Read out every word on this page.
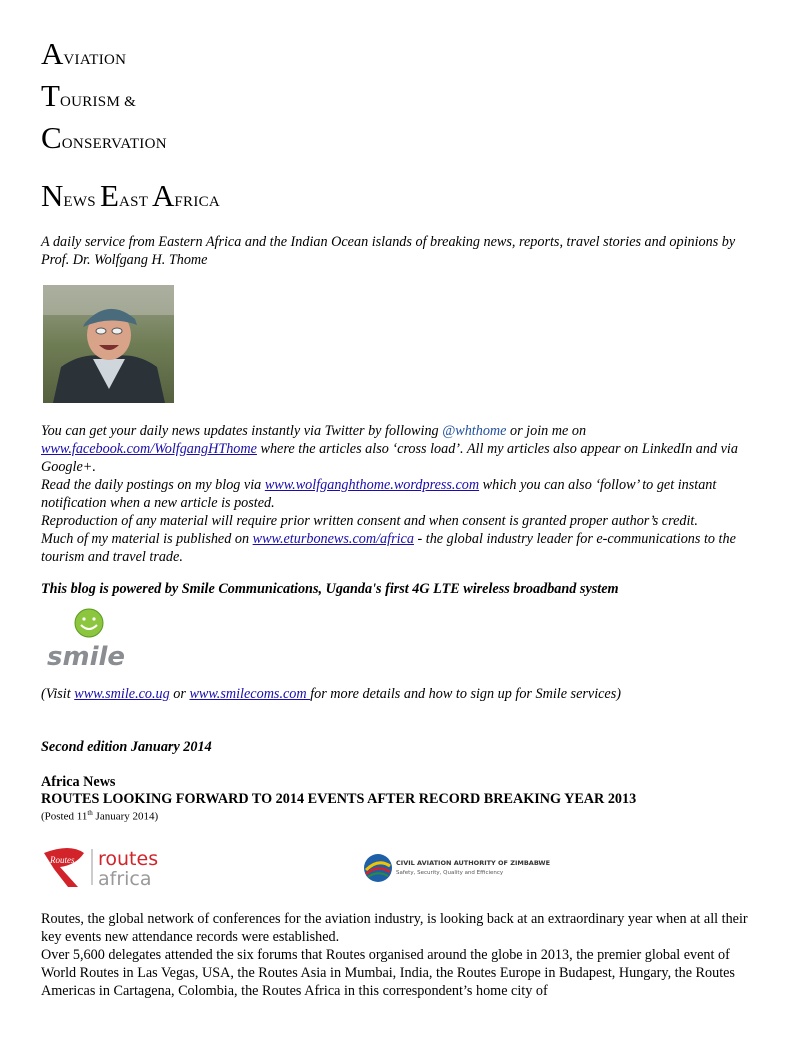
AVIATION
TOURISM &
CONSERVATION
NEWS EAST AFRICA

A daily service from Eastern Africa and the Indian Ocean islands of breaking news, reports, travel stories and opinions by Prof. Dr. Wolfgang H. Thome

You can get your daily news updates instantly via Twitter by following @whthome or join me on www.facebook.com/WolfgangHThome where the articles also ‘cross load’. All my articles also appear on LinkedIn and via Google+.

Read the daily postings on my blog via www.wolfganghthome.wordpress.com which you can also ‘follow’ to get instant notification when a new article is posted.

Reproduction of any material will require prior written consent and when consent is granted proper author’s credit.

Much of my material is published on www.eturbonews.com/africa - the global industry leader for e-communications to the tourism and travel trade.

This blog is powered by Smile Communications, Uganda's first 4G LTE wireless broadband system

smile

(Visit www.smile.co.ug or www.smilecoms.com for more details and how to sign up for Smile services)

Second edition January 2014

Africa News

ROUTES LOOKING FORWARD TO 2014 EVENTS AFTER RECORD BREAKING YEAR 2013

(Posted 11th January 2014)

Routes routes
africa
CIVIL AVIATION AUTHORITY OF ZIMBABWE
Safety, Security, Quality and Efficiency

Routes, the global network of conferences for the aviation industry, is looking back at an extraordinary year when at all their key events new attendance records were established.

Over 5,600 delegates attended the six forums that Routes organised around the globe in 2013, the premier global event of World Routes in Las Vegas, USA, the Routes Asia in Mumbai, India, the Routes Europe in Budapest, Hungary, the Routes Americas in Cartagena, Colombia, the Routes Africa in this correspondent’s home city of
